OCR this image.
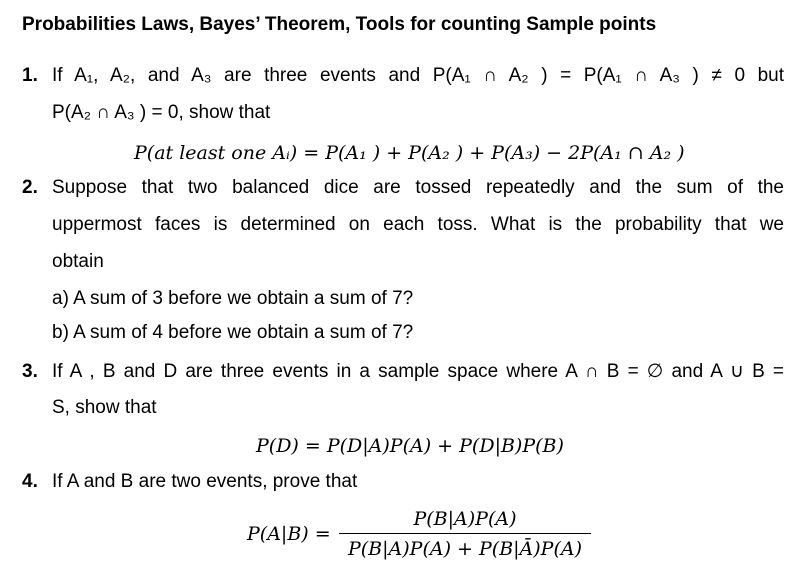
Probabilities Laws, Bayes’ Theorem, Tools for counting Sample points
1. If A₁, A₂, and A₃ are three events and P(A₁ ∩ A₂ ) = P(A₁ ∩ A₃ ) ≠ 0 but
P(A₂ ∩ A₃ ) = 0, show that
P(at least one Aᵢ) = P(A₁ ) + P(A₂ ) + P(A₃) − 2P(A₁ ∩ A₂ )
2. Suppose that two balanced dice are tossed repeatedly and the sum of the
uppermost faces is determined on each toss. What is the probability that we
obtain
a) A sum of 3 before we obtain a sum of 7?
b) A sum of 4 before we obtain a sum of 7?
3. If A , B and D are three events in a sample space where A ∩ B = ∅ and A ∪ B =
S, show that
P(D) = P(D|A)P(A) + P(D|B)P(B)
4. If A and B are two events, prove that
P(A|B) =
P(B|A)P(A)
P(B|A)P(A) + P(B|Ā)P(A)
